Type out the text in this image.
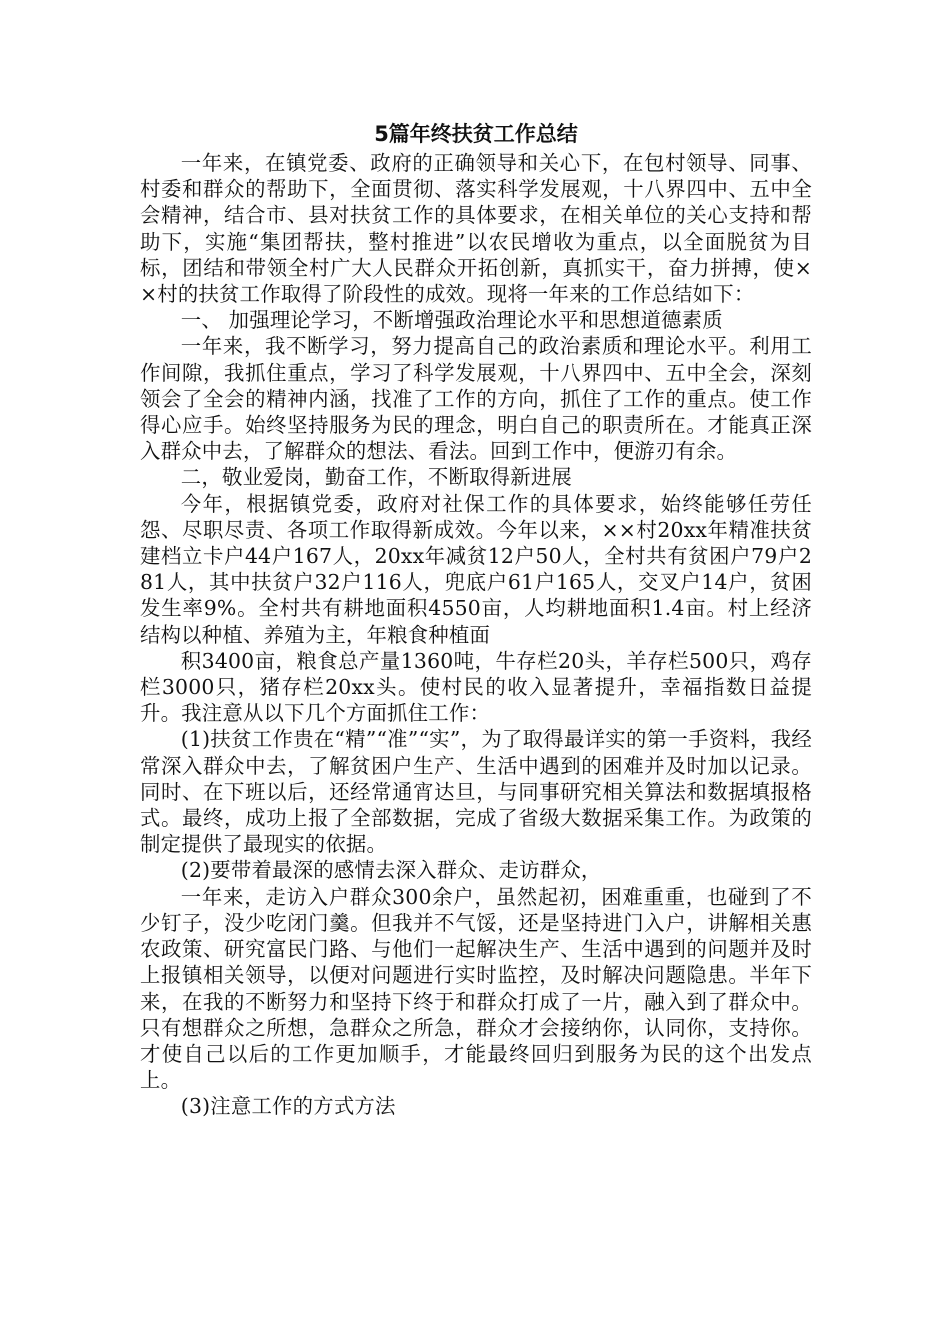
5篇年终扶贫工作总结

一年来，在镇党委、政府的正确领导和关心下，在包村领导、同事、村委和群众的帮助下，全面贯彻、落实科学发展观，十八界四中、五中全会精神，结合市、县对扶贫工作的具体要求，在相关单位的关心支持和帮助下，实施“集团帮扶，整村推进”以农民增收为重点，以全面脱贫为目标，团结和带领全村广大人民群众开拓创新，真抓实干，奋力拼搏，使××村的扶贫工作取得了阶段性的成效。现将一年来的工作总结如下：

一、 加强理论学习，不断增强政治理论水平和思想道德素质

一年来，我不断学习，努力提高自己的政治素质和理论水平。利用工作间隙，我抓住重点，学习了科学发展观，十八界四中、五中全会，深刻领会了全会的精神内涵，找准了工作的方向，抓住了工作的重点。使工作得心应手。始终坚持服务为民的理念，明白自己的职责所在。才能真正深入群众中去，了解群众的想法、看法。回到工作中，便游刃有余。

二，敬业爱岗，勤奋工作，不断取得新进展

今年，根据镇党委，政府对社保工作的具体要求，始终能够任劳任怨、尽职尽责、各项工作取得新成效。今年以来，××村20xx年精准扶贫建档立卡户44户167人，20xx年减贫12户50人，全村共有贫困户79户281人，其中扶贫户32户116人，兜底户61户165人，交叉户14户，贫困发生率9%。全村共有耕地面积4550亩，人均耕地面积1.4亩。村上经济结构以种植、养殖为主，年粮食种植面

积3400亩，粮食总产量1360吨，牛存栏20头，羊存栏500只，鸡存栏3000只，猪存栏20xx头。使村民的收入显著提升，幸福指数日益提升。我注意从以下几个方面抓住工作：

(1)扶贫工作贵在“精”“准”“实”，为了取得最详实的第一手资料，我经常深入群众中去，了解贫困户生产、生活中遇到的困难并及时加以记录。同时、在下班以后，还经常通宵达旦，与同事研究相关算法和数据填报格式。最终，成功上报了全部数据，完成了省级大数据采集工作。为政策的制定提供了最现实的依据。

(2)要带着最深的感情去深入群众、走访群众，

一年来，走访入户群众300余户，虽然起初，困难重重，也碰到了不少钉子，没少吃闭门羹。但我并不气馁，还是坚持进门入户，讲解相关惠农政策、研究富民门路、与他们一起解决生产、生活中遇到的问题并及时上报镇相关领导，以便对问题进行实时监控，及时解决问题隐患。半年下来，在我的不断努力和坚持下终于和群众打成了一片，融入到了群众中。只有想群众之所想，急群众之所急，群众才会接纳你，认同你，支持你。才使自己以后的工作更加顺手，才能最终回归到服务为民的这个出发点上。

(3)注意工作的方式方法
